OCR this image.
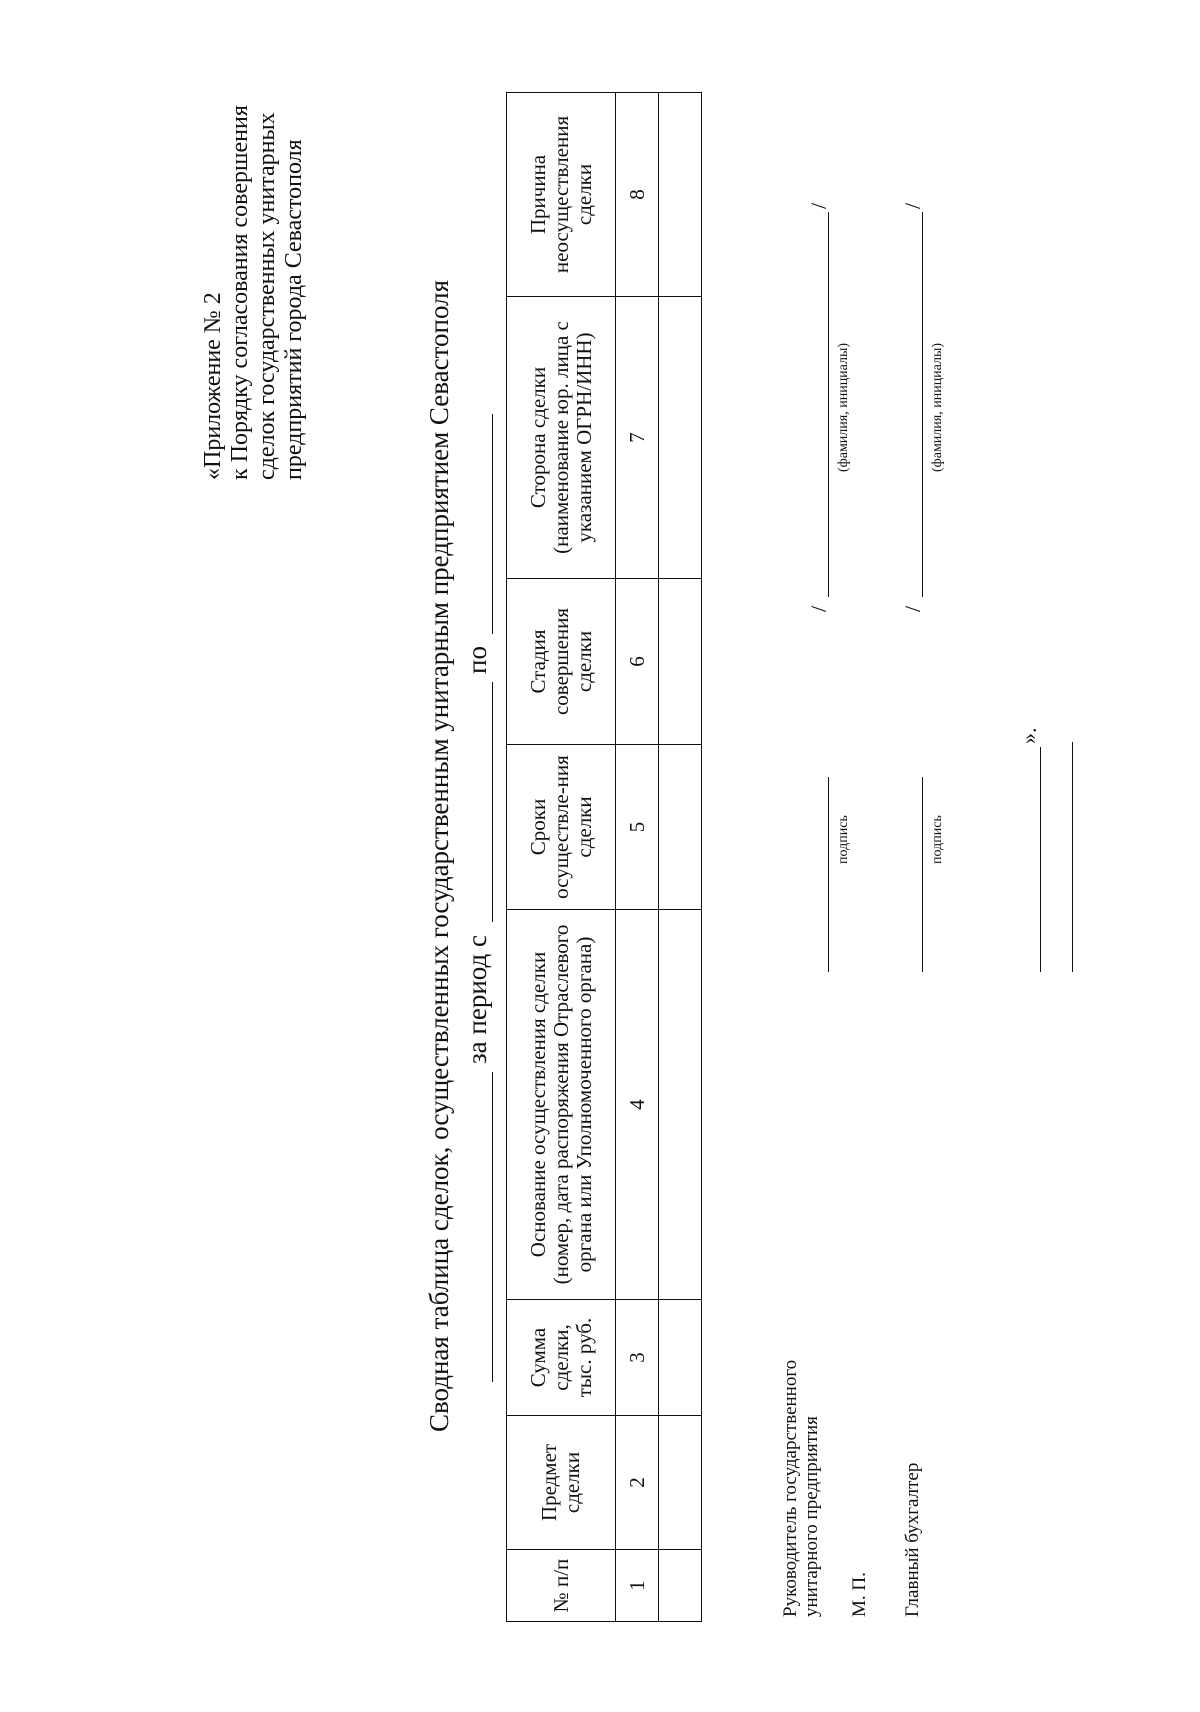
«Приложение № 2 к Порядку согласования совершения сделок государственных унитарных предприятий города Севастополя	Сводная таблица сделок, осуществленных государственным унитарным предприятием Севастополя за период с
по
№ п/п	Предмет сделки	Сумма сделки, тыс. руб.	Основание осуществления сделки (номер, дата распоряжения Отраслевого органа или Уполномоченного органа)	Сроки осуществле-ния сделки	Стадия совершения сделки	Сторона сделки (наименование юр. лица с указанием ОГРН/ИНН)	Причина неосуществления сделки
1	2	3	4	5	6	7	8

Руководитель государственного унитарного предприятия
подпись
/
/
(фамилия, инициалы)
М. П. Главный бухгалтер
подпись
/
/
(фамилия, инициалы)
».
